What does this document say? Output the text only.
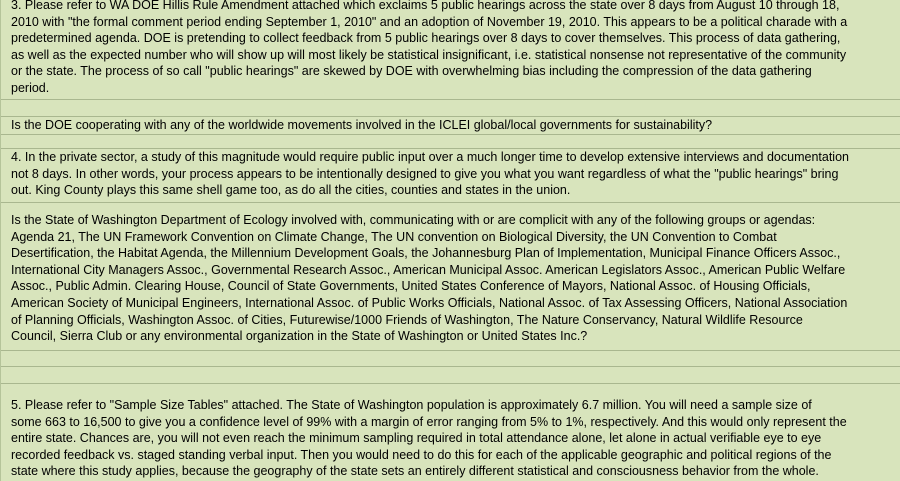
3. Please refer to WA DOE Hillis Rule Amendment attached which exclaims 5 public hearings across the state over 8 days from August 10 through 18,
2010 with "the formal comment period ending September 1, 2010" and an adoption of November 19, 2010. This appears to be a political charade with a
predetermined agenda. DOE is pretending to collect feedback from 5 public hearings over 8 days to cover themselves. This process of data gathering,
as well as the expected number who will show up will most likely be statistical insignificant, i.e. statistical nonsense not representative of the community
or the state. The process of so call "public hearings" are skewed by DOE with overwhelming bias including the compression of the data gathering
period.
Is the DOE cooperating with any of the worldwide movements involved in the ICLEI global/local governments for sustainability?
4. In the private sector, a study of this magnitude would require public input over a much longer time to develop extensive interviews and documentation
not 8 days. In other words, your process appears to be intentionally designed to give you what you want regardless of what the "public hearings" bring
out. King County plays this same shell game too, as do all the cities, counties and states in the union.
Is the State of Washington Department of Ecology involved with, communicating with or are complicit with any of the following groups or agendas:
Agenda 21, The UN Framework Convention on Climate Change, The UN convention on Biological Diversity, the UN Convention to Combat
Desertification, the Habitat Agenda, the Millennium Development Goals, the Johannesburg Plan of Implementation, Municipal Finance Officers Assoc.,
International City Managers Assoc., Governmental Research Assoc., American Municipal Assoc. American Legislators Assoc., American Public Welfare
Assoc., Public Admin. Clearing House, Council of State Governments, United States Conference of Mayors, National Assoc. of Housing Officials,
American Society of Municipal Engineers, International Assoc. of Public Works Officials, National Assoc. of Tax Assessing Officers, National Association
of Planning Officials, Washington Assoc. of Cities, Futurewise/1000 Friends of Washington, The Nature Conservancy, Natural Wildlife Resource
Council, Sierra Club or any environmental organization in the State of Washington or United States Inc.?
5. Please refer to "Sample Size Tables" attached. The State of Washington population is approximately 6.7 million. You will need a sample size of
some 663 to 16,500 to give you a confidence level of 99% with a margin of error ranging from 5% to 1%, respectively. And this would only represent the
entire state. Chances are, you will not even reach the minimum sampling required in total attendance alone, let alone in actual verifiable eye to eye
recorded feedback vs. staged standing verbal input. Then you would need to do this for each of the applicable geographic and political regions of the
state where this study applies, because the geography of the state sets an entirely different statistical and consciousness behavior from the whole.
